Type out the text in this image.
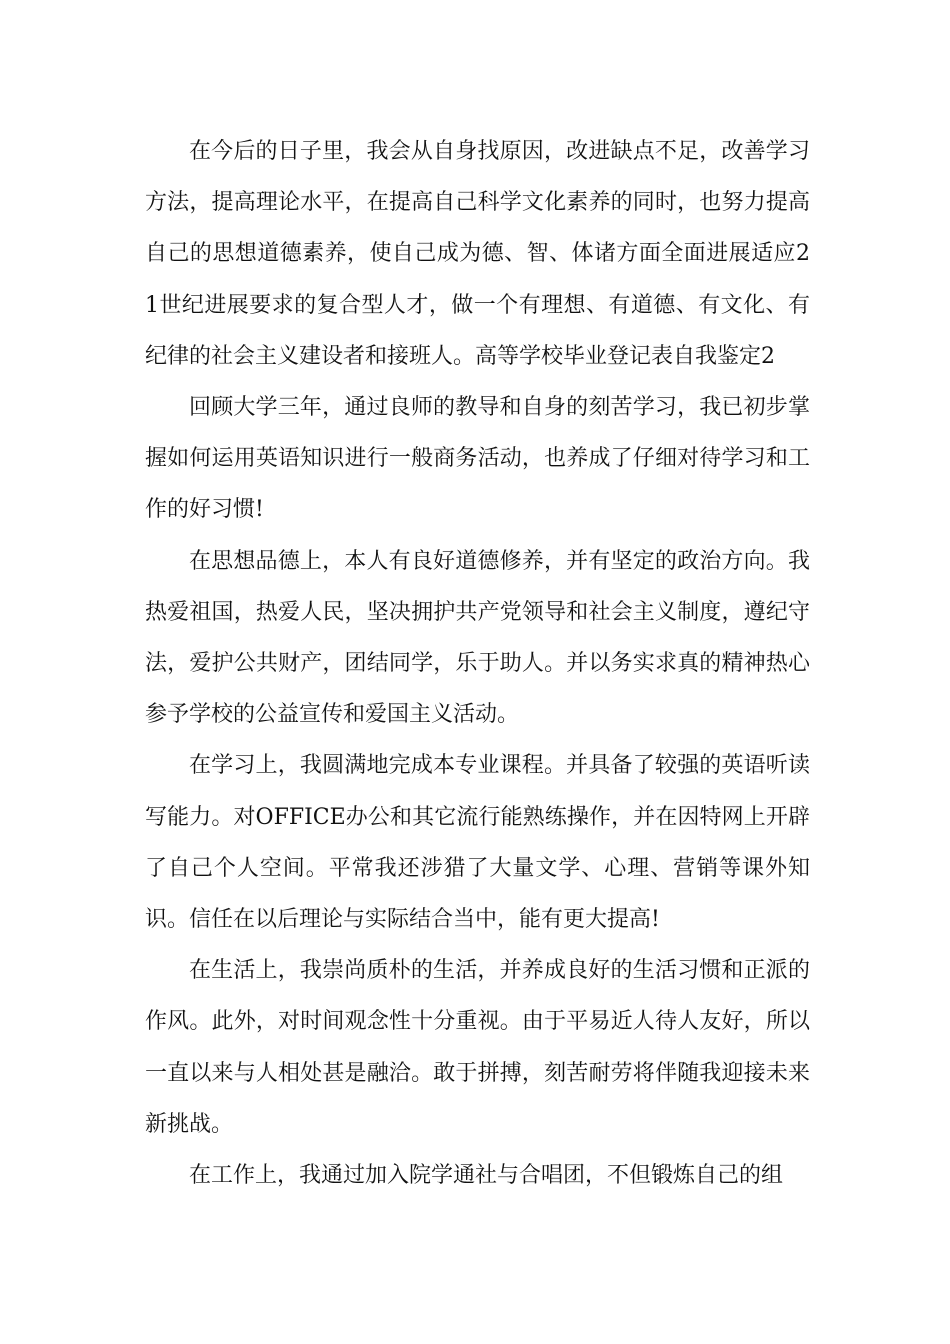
在今后的日子里，我会从自身找原因，改进缺点不足，改善学习方法，提高理论水平，在提高自己科学文化素养的同时，也努力提高自己的思想道德素养，使自己成为德、智、体诸方面全面进展适应21世纪进展要求的复合型人才，做一个有理想、有道德、有文化、有纪律的社会主义建设者和接班人。高等学校毕业登记表自我鉴定2

回顾大学三年，通过良师的教导和自身的刻苦学习，我已初步掌握如何运用英语知识进行一般商务活动，也养成了仔细对待学习和工作的好习惯!

在思想品德上，本人有良好道德修养，并有坚定的政治方向。我热爱祖国，热爱人民，坚决拥护共产党领导和社会主义制度，遵纪守法，爱护公共财产，团结同学，乐于助人。并以务实求真的精神热心参予学校的公益宣传和爱国主义活动。

在学习上，我圆满地完成本专业课程。并具备了较强的英语听读写能力。对OFFICE办公和其它流行能熟练操作，并在因特网上开辟了自己个人空间。平常我还涉猎了大量文学、心理、营销等课外知识。信任在以后理论与实际结合当中，能有更大提高!

在生活上，我崇尚质朴的生活，并养成良好的生活习惯和正派的作风。此外，对时间观念性十分重视。由于平易近人待人友好，所以一直以来与人相处甚是融洽。敢于拼搏，刻苦耐劳将伴随我迎接未来新挑战。

在工作上，我通过加入院学通社与合唱团，不但锻炼自己的组
